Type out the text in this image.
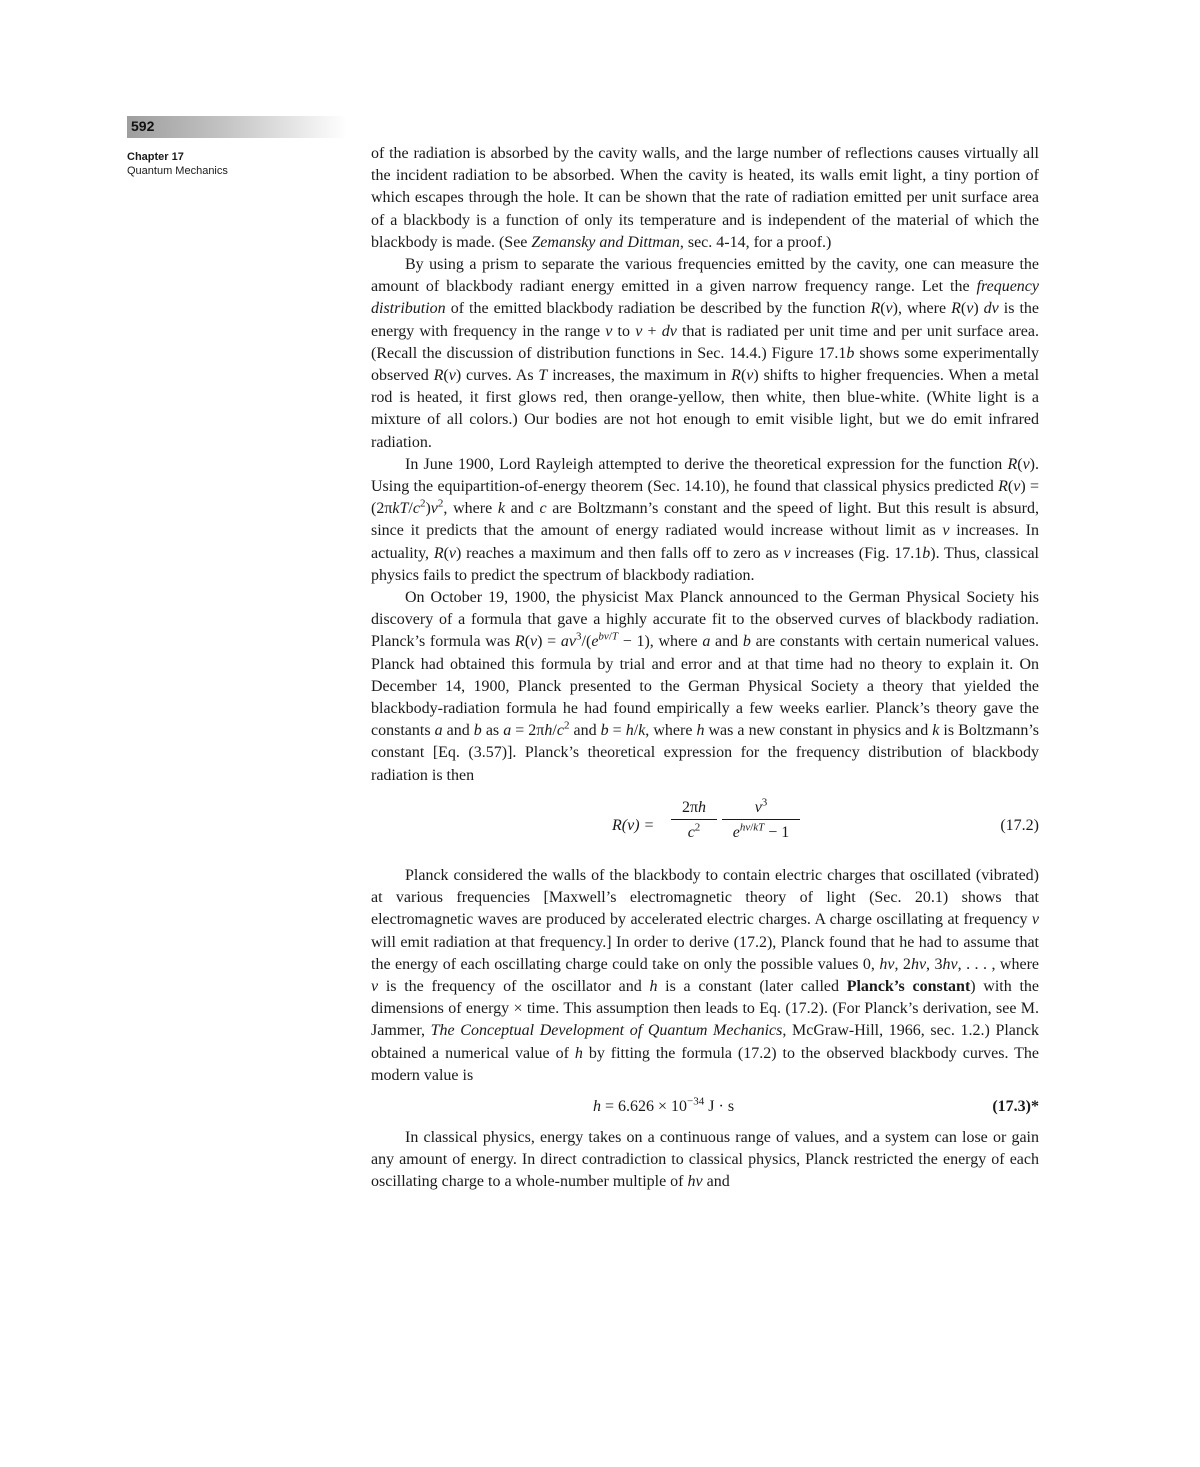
592
Chapter 17
Quantum Mechanics

of the radiation is absorbed by the cavity walls, and the large number of reflections causes virtually all the incident radiation to be absorbed. When the cavity is heated, its walls emit light, a tiny portion of which escapes through the hole. It can be shown that the rate of radiation emitted per unit surface area of a blackbody is a function of only its temperature and is independent of the material of which the blackbody is made. (See Zemansky and Dittman, sec. 4-14, for a proof.)

By using a prism to separate the various frequencies emitted by the cavity, one can measure the amount of blackbody radiant energy emitted in a given narrow frequency range. Let the frequency distribution of the emitted blackbody radiation be described by the function R(ν), where R(ν) dν is the energy with frequency in the range ν to ν + dν that is radiated per unit time and per unit surface area. (Recall the discussion of distribution functions in Sec. 14.4.) Figure 17.1b shows some experimentally observed R(ν) curves. As T increases, the maximum in R(ν) shifts to higher frequencies. When a metal rod is heated, it first glows red, then orange-yellow, then white, then blue-white. (White light is a mixture of all colors.) Our bodies are not hot enough to emit visible light, but we do emit infrared radiation.

In June 1900, Lord Rayleigh attempted to derive the theoretical expression for the function R(ν). Using the equipartition-of-energy theorem (Sec. 14.10), he found that classical physics predicted $R(\nu) = (2\pi kT/c^2)\nu^2$, where k and c are Boltzmann’s constant and the speed of light. But this result is absurd, since it predicts that the amount of energy radiated would increase without limit as ν increases. In actuality, R(ν) reaches a maximum and then falls off to zero as ν increases (Fig. 17.1b). Thus, classical physics fails to predict the spectrum of blackbody radiation.

On October 19, 1900, the physicist Max Planck announced to the German Physical Society his discovery of a formula that gave a highly accurate fit to the observed curves of blackbody radiation. Planck’s formula was $R(\nu) = a\nu^3/(e^{b\nu/T} - 1)$, where a and b are constants with certain numerical values. Planck had obtained this formula by trial and error and at that time had no theory to explain it. On December 14, 1900, Planck presented to the German Physical Society a theory that yielded the blackbody-radiation formula he had found empirically a few weeks earlier. Planck’s theory gave the constants a and b as $a = 2\pi h/c^2$ and b = h/k, where h was a new constant in physics and k is Boltzmann’s constant [Eq. (3.57)]. Planck’s theoretical expression for the frequency distribution of blackbody radiation is then

$R(\nu) = \frac{2\pi h}{c^2}$	$\nu^3$
$e^{h\nu/kT} - 1$	(17.2)

Planck considered the walls of the blackbody to contain electric charges that oscillated (vibrated) at various frequencies [Maxwell’s electromagnetic theory of light (Sec. 20.1) shows that electromagnetic waves are produced by accelerated electric charges. A charge oscillating at frequency ν will emit radiation at that frequency.] In order to derive (17.2), Planck found that he had to assume that the energy of each oscillating charge could take on only the possible values 0, hν, 2hν, 3hν, . . . , where ν is the frequency of the oscillator and h is a constant (later called Planck’s constant) with the dimensions of energy × time. This assumption then leads to Eq. (17.2). (For Planck’s derivation, see M. Jammer, The Conceptual Development of Quantum Mechanics, McGraw-Hill, 1966, sec. 1.2.) Planck obtained a numerical value of h by fitting the formula (17.2) to the observed blackbody curves. The modern value is

$h = 6.626 \times 10^{-34}$ J · s	(17.3)*

In classical physics, energy takes on a continuous range of values, and a system can lose or gain any amount of energy. In direct contradiction to classical physics, Planck restricted the energy of each oscillating charge to a whole-number multiple of hν and
